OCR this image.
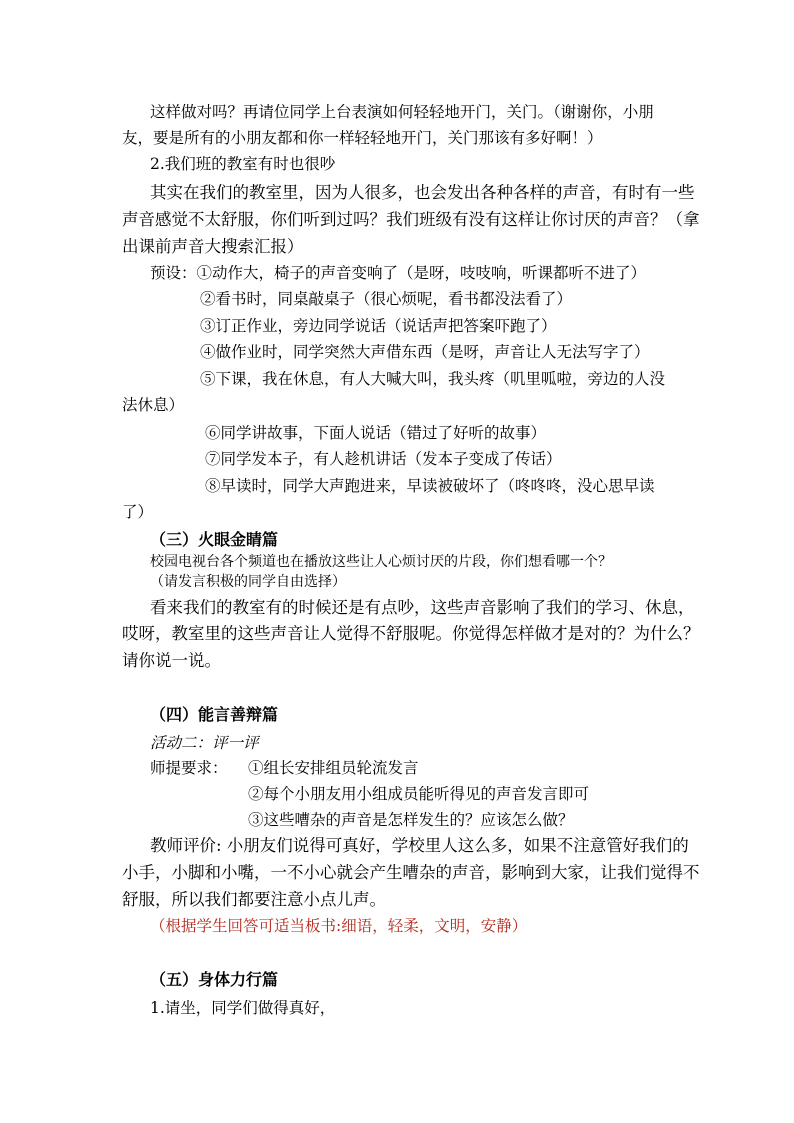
这样做对吗？再请位同学上台表演如何轻轻地开门，关门。（谢谢你，小朋

友，要是所有的小朋友都和你一样轻轻地开门，关门那该有多好啊！）

2.我们班的教室有时也很吵

其实在我们的教室里，因为人很多，也会发出各种各样的声音，有时有一些

声音感觉不太舒服，你们听到过吗？我们班级有没有这样让你讨厌的声音？（拿

出课前声音大搜索汇报）

预设：①动作大，椅子的声音变响了（是呀，吱吱响，听课都听不进了）

②看书时，同桌敲桌子（很心烦呢，看书都没法看了）

③订正作业，旁边同学说话（说话声把答案吓跑了）

④做作业时，同学突然大声借东西（是呀，声音让人无法写字了）

⑤下课，我在休息，有人大喊大叫，我头疼（叽里呱啦，旁边的人没

法休息）

⑥同学讲故事，下面人说话（错过了好听的故事）

⑦同学发本子，有人趁机讲话（发本子变成了传话）

⑧早读时，同学大声跑进来，早读被破坏了（咚咚咚，没心思早读

了）

（三）火眼金睛篇

校园电视台各个频道也在播放这些让人心烦讨厌的片段，你们想看哪一个？

（请发言积极的同学自由选择）

看来我们的教室有的时候还是有点吵，这些声音影响了我们的学习、休息，

哎呀，教室里的这些声音让人觉得不舒服呢。你觉得怎样做才是对的？为什么？

请你说一说。

（四）能言善辩篇

活动二：评一评

师提要求： ①组长安排组员轮流发言

②每个小朋友用小组成员能听得见的声音发言即可

③这些嘈杂的声音是怎样发生的？应该怎么做？

教师评价: 小朋友们说得可真好，学校里人这么多，如果不注意管好我们的

小手，小脚和小嘴，一不小心就会产生嘈杂的声音，影响到大家，让我们觉得不

舒服，所以我们都要注意小点儿声。

（根据学生回答可适当板书:细语，轻柔，文明，安静）

（五）身体力行篇

1.请坐，同学们做得真好，
